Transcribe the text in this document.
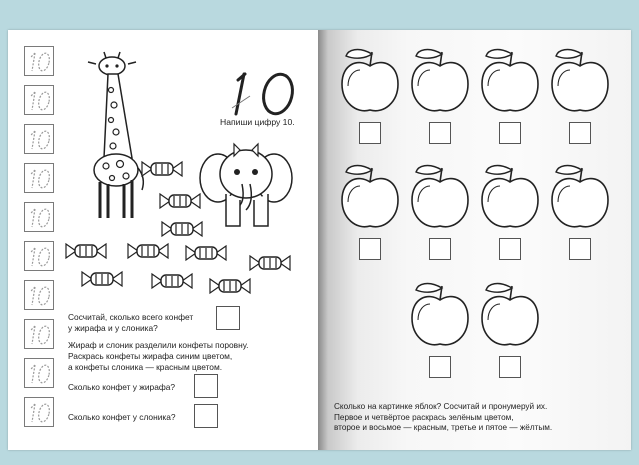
Напиши цифру 10.
Сосчитай, сколько всего конфет
у жирафа и у слоника?
Жираф и слоник разделили конфеты поровну.
Раскрась конфеты жирафа синим цветом,
а конфеты слоника — красным цветом.
Сколько конфет у жирафа?
Сколько конфет у слоника?
Сколько на картинке яблок? Сосчитай и пронумеруй их.
Первое и четвёртое раскрась зелёным цветом,
второе и восьмое — красным, третье и пятое — жёлтым.
